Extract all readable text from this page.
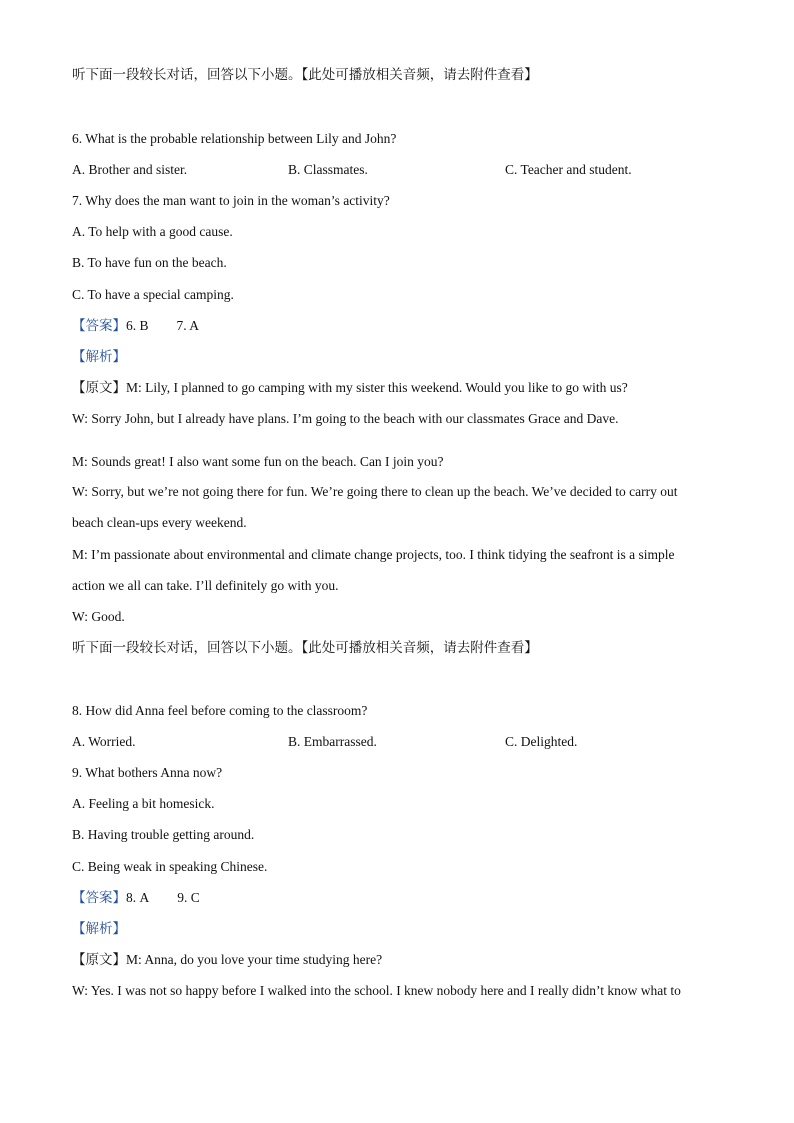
听下面一段较长对话，回答以下小题。【此处可播放相关音频，请去附件查看】
6. What is the probable relationship between Lily and John?
A. Brother and sister.	B. Classmates.	C. Teacher and student.
7. Why does the man want to join in the woman’s activity?
A. To help with a good cause.
B. To have fun on the beach.
C. To have a special camping.
【答案】6. B 7. A
【解析】
【原文】M: Lily, I planned to go camping with my sister this weekend. Would you like to go with us?
W: Sorry John, but I already have plans. I’m going to the beach with our classmates Grace and Dave.
M: Sounds great! I also want some fun on the beach. Can I join you?
W: Sorry, but we’re not going there for fun. We’re going there to clean up the beach. We’ve decided to carry out
beach clean-ups every weekend.
M: I’m passionate about environmental and climate change projects, too. I think tidying the seafront is a simple
action we all can take. I’ll definitely go with you.
W: Good.
听下面一段较长对话，回答以下小题。【此处可播放相关音频，请去附件查看】
8. How did Anna feel before coming to the classroom?
A. Worried.	B. Embarrassed.	C. Delighted.
9. What bothers Anna now?
A. Feeling a bit homesick.
B. Having trouble getting around.
C. Being weak in speaking Chinese.
【答案】8. A 9. C
【解析】
【原文】M: Anna, do you love your time studying here?
W: Yes. I was not so happy before I walked into the school. I knew nobody here and I really didn’t know what to
